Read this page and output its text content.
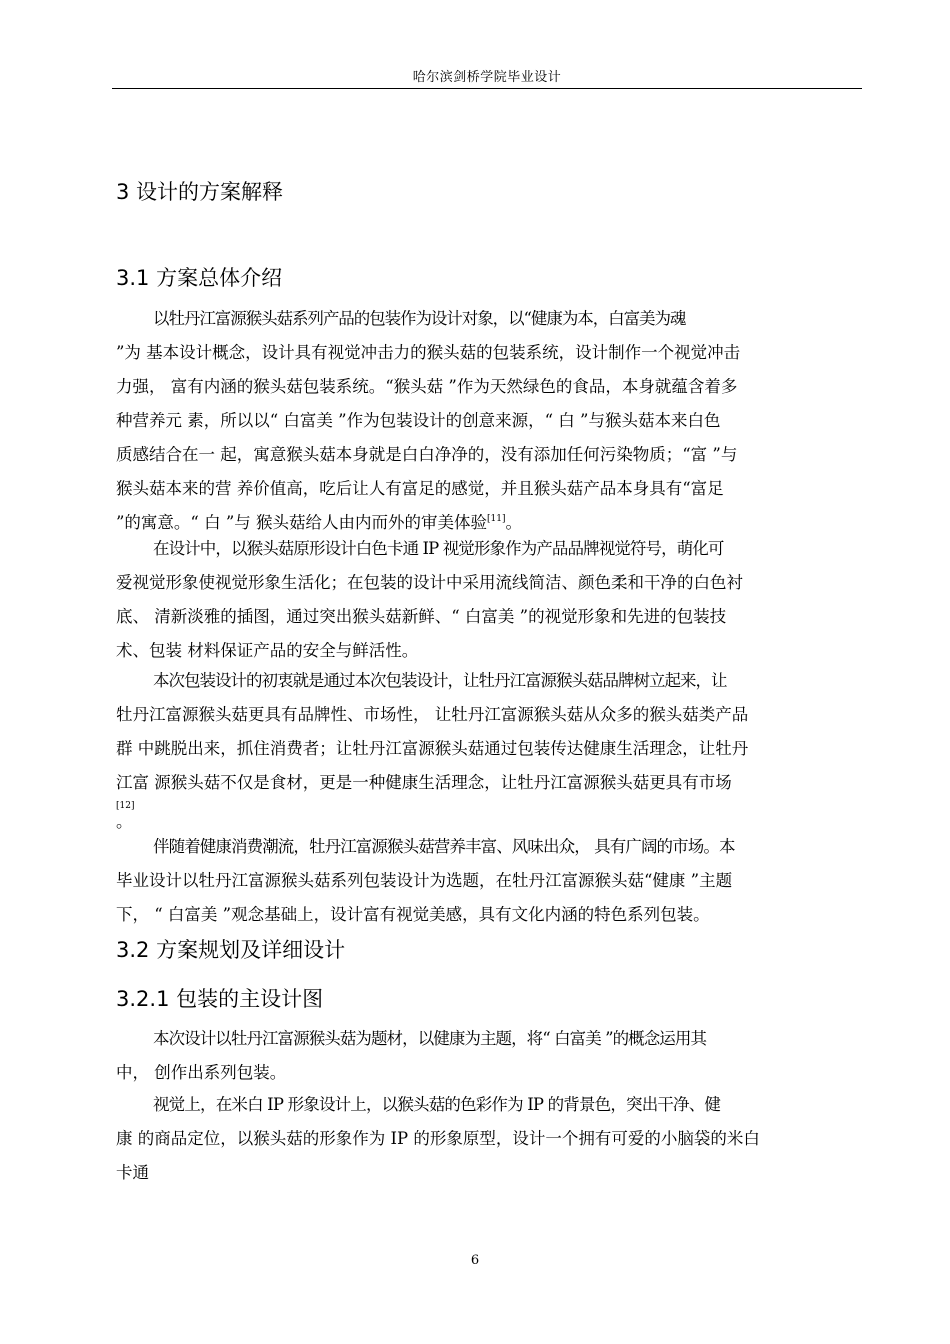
哈尔滨剑桥学院毕业设计
3 设计的方案解释
3.1 方案总体介绍
以牡丹江富源猴头菇系列产品的包装作为设计对象，以“健康为本，白富美为魂
”为 基本设计概念，设计具有视觉冲击力的猴头菇的包装系统，设计制作一个视觉冲击
力强， 富有内涵的猴头菇包装系统。“猴头菇 ”作为天然绿色的食品，本身就蕴含着多
种营养元 素，所以以“ 白富美 ”作为包装设计的创意来源，“ 白 ”与猴头菇本来白色
质感结合在一 起，寓意猴头菇本身就是白白净净的，没有添加任何污染物质；“富 ”与
猴头菇本来的营 养价值高，吃后让人有富足的感觉，并且猴头菇产品本身具有“富足
”的寓意。“ 白 ”与 猴头菇给人由内而外的审美体验[11]。
在设计中，以猴头菇原形设计白色卡通 IP 视觉形象作为产品品牌视觉符号，萌化可
爱视觉形象使视觉形象生活化；在包装的设计中采用流线简洁、颜色柔和干净的白色衬
底、 清新淡雅的插图，通过突出猴头菇新鲜、“ 白富美 ”的视觉形象和先进的包装技
术、包装 材料保证产品的安全与鲜活性。
本次包装设计的初衷就是通过本次包装设计，让牡丹江富源猴头菇品牌树立起来，让
牡丹江富源猴头菇更具有品牌性、市场性， 让牡丹江富源猴头菇从众多的猴头菇类产品
群 中跳脱出来，抓住消费者；让牡丹江富源猴头菇通过包装传达健康生活理念，让牡丹
江富 源猴头菇不仅是食材，更是一种健康生活理念，让牡丹江富源猴头菇更具有市场
[12]
。
伴随着健康消费潮流，牡丹江富源猴头菇营养丰富、风味出众， 具有广阔的市场。本
毕业设计以牡丹江富源猴头菇系列包装设计为选题，在牡丹江富源猴头菇“健康 ”主题
下， “ 白富美 ”观念基础上，设计富有视觉美感，具有文化内涵的特色系列包装。
3.2 方案规划及详细设计
3.2.1 包装的主设计图
本次设计以牡丹江富源猴头菇为题材，以健康为主题，将“ 白富美 ”的概念运用其
中， 创作出系列包装。
视觉上，在米白 IP 形象设计上，以猴头菇的色彩作为 IP 的背景色，突出干净、健
康 的商品定位，以猴头菇的形象作为 IP 的形象原型，设计一个拥有可爱的小脑袋的米白
卡通
6
